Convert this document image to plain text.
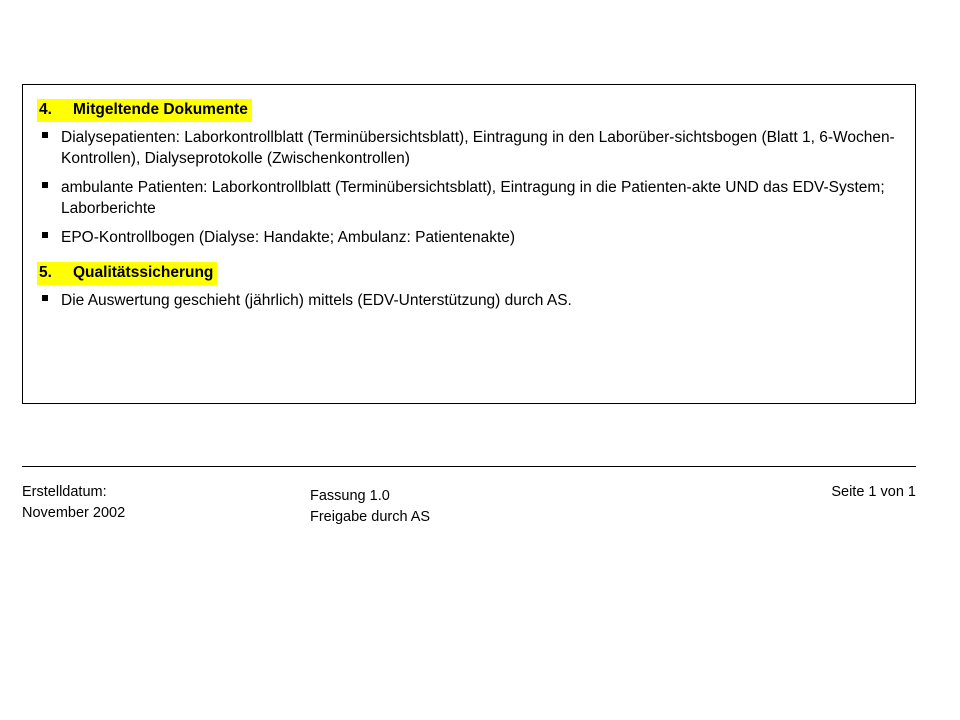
4. Mitgeltende Dokumente
Dialysepatienten: Laborkontrollblatt (Terminübersichtsblatt), Eintragung in den Laborüber-sichtsbogen (Blatt 1, 6-Wochen-Kontrollen), Dialyseprotokolle (Zwischenkontrollen)
ambulante Patienten: Laborkontrollblatt (Terminübersichtsblatt), Eintragung in die Patienten-akte UND das EDV-System; Laborberichte
EPO-Kontrollbogen (Dialyse: Handakte; Ambulanz: Patientenakte)
5. Qualitätssicherung
Die Auswertung geschieht (jährlich) mittels (EDV-Unterstützung) durch AS.
Erstelldatum:
November 2002
Fassung 1.0
Freigabe durch AS
Seite 1 von 1
